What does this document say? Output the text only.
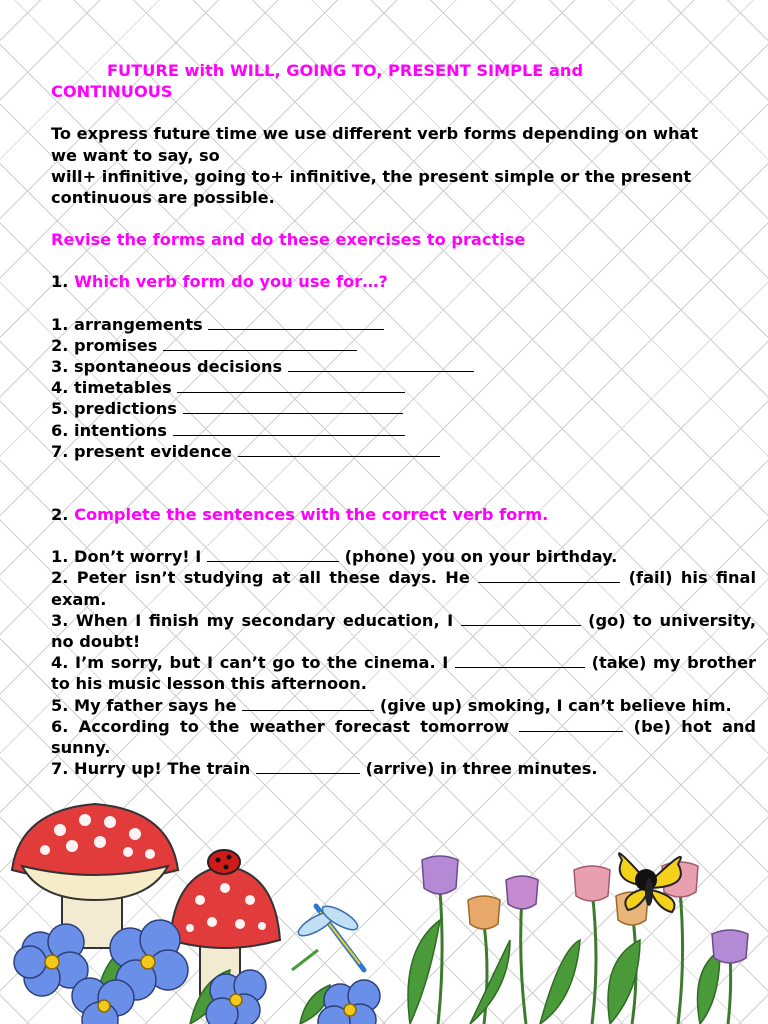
FUTURE with WILL, GOING TO, PRESENT SIMPLE and
CONTINUOUS
To express future time we use different verb forms depending on what
we want to say, so
will+ infinitive, going to+ infinitive, the present simple or the present
continuous are possible.
Revise the forms and do these exercises to practise
1. Which verb form do you use for…?
1. arrangements
2. promises
3. spontaneous decisions
4. timetables
5. predictions
6. intentions
7. present evidence
2. Complete the sentences with the correct verb form.
1. Don’t worry! I	(phone) you on your birthday.
2. Peter isn’t studying at all these days. He	(fail) his final exam.
3. When I finish my secondary education, I	(go) to university, no doubt!
4. I’m sorry, but I can’t go to the cinema. I	(take) my brother to his music lesson this afternoon.
5. My father says he	(give up) smoking, I can’t believe him.
6. According to the weather forecast tomorrow	(be) hot and sunny.
7. Hurry up! The train	(arrive) in three minutes.
